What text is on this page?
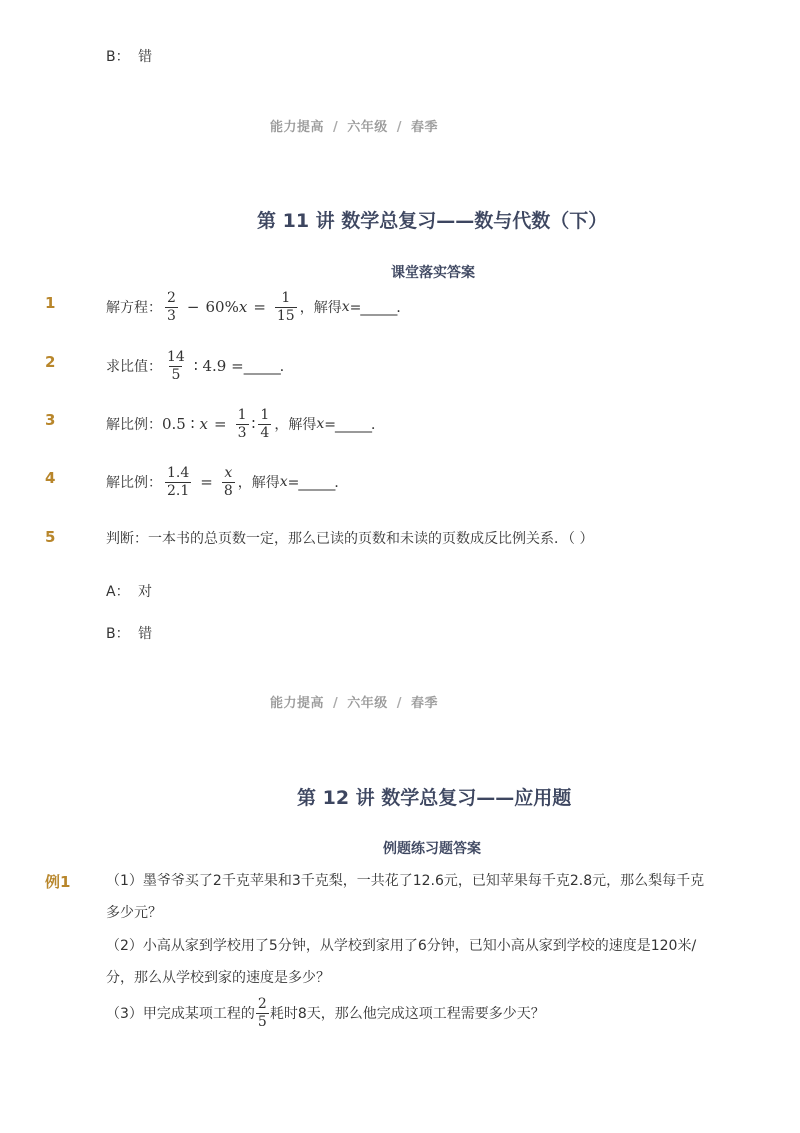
B： 错
能力提高 / 六年级 / 春季
第 11 讲 数学总复习——数与代数（下）
课堂落实答案
1	解方程： $\frac{2}{3} - 60\%$ $x = \frac{1}{15}$ ，解得 x =______．
2	求比值： $\frac{14}{5}$ ∶ 4.9 = ______．
3	解比例： 0.5 ∶ $x = \frac{1}{3}$ ∶ $\frac{1}{4}$ ，解得 x =______．
4	解比例： $\frac{1.4}{2.1} = \frac{x}{8}$ ，解得 x =______．
5	判断：一本书的总页数一定，那么已读的页数和未读的页数成反比例关系．（ ）
A： 对
B： 错
能力提高 / 六年级 / 春季
第 12 讲 数学总复习——应用题
例题练习题答案
例1	（1）墨爷爷买了2千克苹果和3千克梨，一共花了12.6元，已知苹果每千克2.8元，那么梨每千克
多少元？
（2）小高从家到学校用了5分钟，从学校到家用了6分钟，已知小高从家到学校的速度是120米/
分，那么从学校到家的速度是多少？
（3）甲完成某项工程的 $\frac{2}{5}$ 耗时8天，那么他完成这项工程需要多少天？
